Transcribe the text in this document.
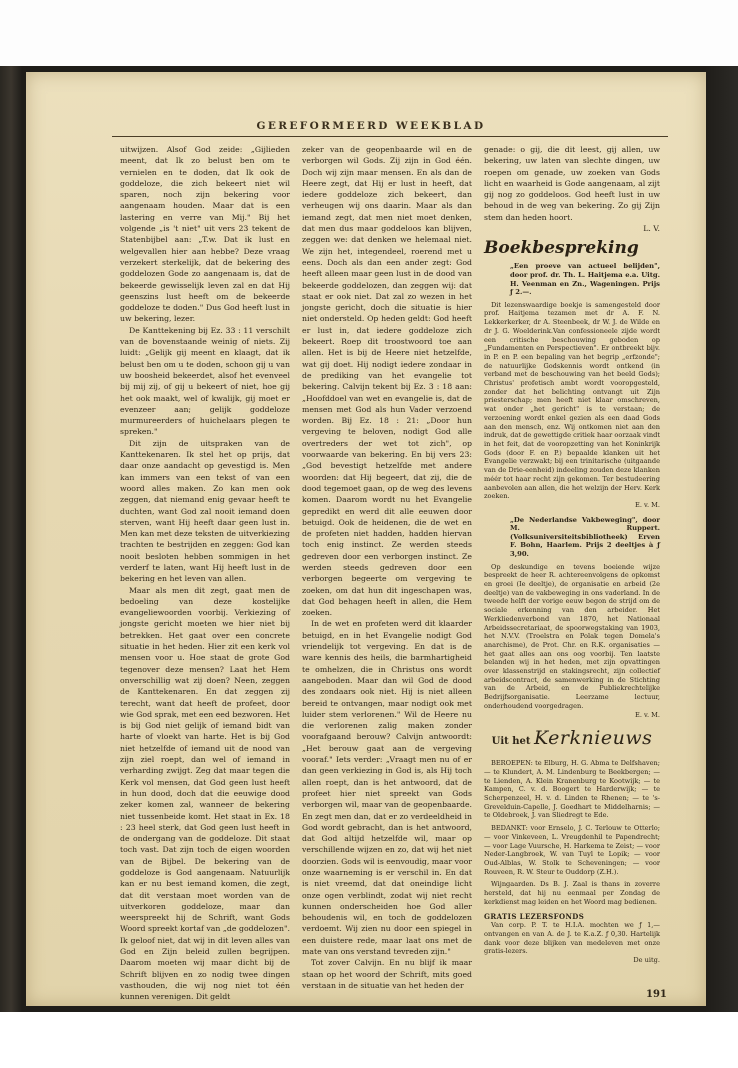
GEREFORMEERD WEEKBLAD

uitwijzen. Alsof God zeide: „Gijlieden meent, dat Ik zo belust ben om te vernielen en te doden, dat Ik ook de goddeloze, die zich bekeert niet wil sparen, noch zijn bekering voor aangenaam houden. Maar dat is een lastering en verre van Mij." Bij het volgende „is 't niet" uit vers 23 tekent de Statenbijbel aan: „T.w. Dat ik lust en welgevallen hier aan hebbe? Deze vraag verzekert sterkelijk, dat de bekering des goddelozen Gode zo aangenaam is, dat de bekeerde gewisselijk leven zal en dat Hij geenszins lust heeft om de bekeerde goddeloze te doden." Dus God heeft lust in uw bekering, lezer.

De Kanttekening bij Ez. 33 : 11 verschilt van de bovenstaande weinig of niets. Zij luidt: „Gelijk gij meent en klaagt, dat ik belust ben om u te doden, schoon gij u van uw boosheid bekeerdet, alsof het evenveel bij mij zij, of gij u bekeert of niet, hoe gij het ook maakt, wel of kwalijk, gij moet er evenzeer aan; gelijk goddeloze murmureerders of huichelaars plegen te spreken."

Dit zijn de uitspraken van de Kanttekenaren. Ik stel het op prijs, dat daar onze aandacht op gevestigd is. Men kan immers van een tekst of van een woord alles maken. Zo kan men ook zeggen, dat niemand enig gevaar heeft te duchten, want God zal nooit iemand doen sterven, want Hij heeft daar geen lust in. Men kan met deze teksten de uitverkiezing trachten te bestrijden en zeggen: God kan nooit besloten hebben sommigen in het verderf te laten, want Hij heeft lust in de bekering en het leven van allen.

Maar als men dit zegt, gaat men de bedoeling van deze kostelijke evangeliewoorden voorbij. Verkiezing of jongste gericht moeten we hier niet bij betrekken. Het gaat over een concrete situatie in het heden. Hier zit een kerk vol mensen voor u. Hoe staat de grote God tegenover deze mensen? Laat het Hem onverschillig wat zij doen? Neen, zeggen de Kanttekenaren. En dat zeggen zij terecht, want dat heeft de profeet, door wie God sprak, met een eed bezworen. Het is bij God niet gelijk of iemand bidt van harte of vloekt van harte. Het is bij God niet hetzelfde of iemand uit de nood van zijn ziel roept, dan wel of iemand in verharding zwijgt. Zeg dat maar tegen die Kerk vol mensen, dat God geen lust heeft in hun dood, doch dat die eeuwige dood zeker komen zal, wanneer de bekering niet tussenbeide komt. Het staat in Ex. 18 : 23 heel sterk, dat God geen lust heeft in de ondergang van de goddeloze. Dit staat toch vast. Dat zijn toch de eigen woorden van de Bijbel. De bekering van de goddeloze is God aangenaam. Natuurlijk kan er nu best iemand komen, die zegt, dat dit verstaan moet worden van de uitverkoren goddeloze, maar dan weerspreekt hij de Schrift, want Gods Woord spreekt kortaf van „de goddelozen". Ik geloof niet, dat wij in dit leven alles van God en Zijn beleid zullen begrijpen. Daarom moeten wij maar dicht bij de Schrift blijven en zo nodig twee dingen vasthouden, die wij nog niet tot één kunnen verenigen. Dit geldt

zeker van de geopenbaarde wil en de verborgen wil Gods. Zij zijn in God één. Doch wij zijn maar mensen. En als dan de Heere zegt, dat Hij er lust in heeft, dat iedere goddeloze zich bekeert, dan verheugen wij ons daarin. Maar als dan iemand zegt, dat men niet moet denken, dat men dus maar goddeloos kan blijven, zeggen we: dat denken we helemaal niet. We zijn het, integendeel, roerend met u eens. Doch als dan een ander zegt: God heeft alleen maar geen lust in de dood van bekeerde goddelozen, dan zeggen wij: dat staat er ook niet. Dat zal zo wezen in het jongste gericht, doch die situatie is hier niet ondersteld. Op heden geldt: God heeft er lust in, dat iedere goddeloze zich bekeert. Roep dit troostwoord toe aan allen. Het is bij de Heere niet hetzelfde, wat gij doet. Hij nodigt iedere zondaar in de prediking van het evangelie tot bekering. Calvijn tekent bij Ez. 3 : 18 aan: „Hoofddoel van wet en evangelie is, dat de mensen met God als hun Vader verzoend worden. Bij Ez. 18 : 21: „Door hun vergeving te beloven, nodigt God alle overtreders der wet tot zich", op voorwaarde van bekering. En bij vers 23: „God bevestigt hetzelfde met andere woorden: dat Hij begeert, dat zij, die de dood tegemoet gaan, op de weg des levens komen. Daarom wordt nu het Evangelie gepredikt en werd dit alle eeuwen door betuigd. Ook de heidenen, die de wet en de profeten niet hadden, hadden hiervan toch enig instinct. Ze werden steeds gedreven door een verborgen instinct. Ze werden steeds gedreven door een verborgen begeerte om vergeving te zoeken, om dat hun dit ingeschapen was, dat God behagen heeft in allen, die Hem zoeken.

In de wet en profeten werd dit klaarder betuigd, en in het Evangelie nodigt God vriendelijk tot vergeving. En dat is de ware kennis des heils, die barmhartigheid te omhelzen, die in Christus ons wordt aangeboden. Maar dan wil God de dood des zondaars ook niet. Hij is niet alleen bereid te ontvangen, maar nodigt ook met luider stem verlorenen." Wil de Heere nu die verlorenen zalig maken zonder voorafgaand berouw? Calvijn antwoordt: „Het berouw gaat aan de vergeving vooraf." Iets verder: „Vraagt men nu of er dan geen verkiezing in God is, als Hij toch allen roept, dan is het antwoord, dat de profeet hier niet spreekt van Gods verborgen wil, maar van de geopenbaarde. En zegt men dan, dat er zo verdeeldheid in God wordt gebracht, dan is het antwoord, dat God altijd hetzelfde wil, maar op verschillende wijzen en zo, dat wij het niet doorzien. Gods wil is eenvoudig, maar voor onze waarneming is er verschil in. En dat is niet vreemd, dat dat oneindige licht onze ogen verblindt, zodat wij niet recht kunnen onderscheiden hoe God aller behoudenis wil, en toch de goddelozen verdoemt. Wij zien nu door een spiegel in een duistere rede, maar laat ons met de mate van ons verstand tevreden zijn."

Tot zover Calvijn. En nu blijf ik maar staan op het woord der Schrift, mits goed verstaan in de situatie van het heden der

genade: o gij, die dit leest, gij allen, uw bekering, uw laten van slechte dingen, uw roepen om genade, uw zoeken van Gods licht en waarheid is Gode aangenaam, al zijt gij nog zo goddeloos. God heeft lust in uw behoud in de weg van bekering. Zo gij Zijn stem dan heden hoort.

L. V.
Boekbespreking
„Een proeve van actueel belijden", door prof. dr. Th. L. Haitjema e.a. Uitg. H. Veenman en Zn., Wageningen. Prijs ƒ 2.—.

Dit lezenswaardige boekje is samengesteld door prof. Haitjema tezamen met dr A. F. N. Lekkerkerker, dr A. Steenbeek, dr W. J. de Wilde en dr J. G. Woelderink.Van confessioneele zijde wordt een critische beschouwing geboden op „Fundamenten en Perspectieven". Er ontbreekt bijv. in P. en P. een bepaling van het begrip „erfzonde"; de natuurlijke Godskennis wordt ontkend (in verband met de beschouwing van het beeld Gods); Christus' profetisch ambt wordt vooropgesteld, zonder dat het belichting ontvangt uit Zijn priesterschap; men heeft niet klaar omschreven, wat onder „het gericht" is te verstaan; de verzoening wordt enkel gezien als een daad Gods aan den mensch, enz. Wij ontkomen niet aan den indruk, dat de gewettigde critiek haar oorzaak vindt in het feit, dat de vooropzetting van het Koninkrijk Gods (door F. en P.) bepaalde klanken uit het Evangelie verzwakt; bij een trinitarische (uitgaande van de Drie-eenheid) indeeling zouden deze klanken méér tot haar recht zijn gekomen. Ter bestudeering aanbevolen aan allen, die het welzijn der Herv. Kerk zoeken.

E. v. M.
„De Nederlandse Vakbeweging", door M. Ruppert. (Volksuniversiteitsbibliotheek) Erven F. Bohn, Haarlem. Prijs 2 deeltjes à ƒ 3,90.

Op deskundige en tevens boeiende wijze bespreekt de heer R. achtereenvolgens de opkomst en groei (Ie deeltje), de organisatie en arbeid (2e deeltje) van de vakbeweging in ons vaderland. In de tweede helft der vorige eeuw begon de strijd om de sociale erkenning van den arbeider. Het Werkliedenverbond van 1870, het Nationaal Arbeidssecretariaat, de spoorwegstaking van 1903, het N.V.V. (Troelstra en Polak tegen Domela's anarchisme), de Prot. Chr. en R.K. organisaties — het gaat alles aan ons oog voorbij. Ten laatste belanden wij in het heden, met zijn opvattingen over klassenstrijd en stakingsrecht, zijn collectief arbeidscontract, de samenwerking in de Stichting van de Arbeid, en de Publiekrechtelijke Bedrijfsorganisatie. Leerzame lectuur, onderhoudend voorgedragen.

E. v. M.
Uit het Kerknieuws

BEROEPEN: te Elburg, H. G. Abma te Delfshaven; — te Klundert, A. M. Lindenburg te Beekbergen; — te Lienden, A. Klein Kranenburg te Kootwijk; — te Kampen, C. v. d. Boogert te Harderwijk; — te Scherpenzeel, H. v. d. Linden te Rhenen; — te 's-Grevelduin-Capelle, J. Goedhart te Middelharnis; — te Oldebroek, J. van Sliedregt te Ede.

BEDANKT: voor Ernselo, J. C. Terlouw te Otterlo; — voor Vinkeveen, L. Vreugdenhil te Papendrecht; — voor Lage Vuursche, H. Harkema te Zeist; — voor Neder-Langbroek, W. van Tuyl te Lopik; — voor Oud-Alblas, W. Stolk te Scheveningen; — voor Rouveen, R. W. Steur te Ouddorp (Z.H.).

Wijngaarden. Ds B. J. Zaal is thans in zoverre hersteld, dat hij nu eenmaal per Zondag de kerkdienst mag leiden en het Woord mag bedienen.

GRATIS LEZERSFONDS

Van corp. P. T. te H.I.A. mochten we ƒ 1,— ontvangen en van A. de J. te K.a.Z. ƒ 0,30. Hartelijk dank voor deze blijken van medeleven met onze gratis-lezers.

De uitg.
191
